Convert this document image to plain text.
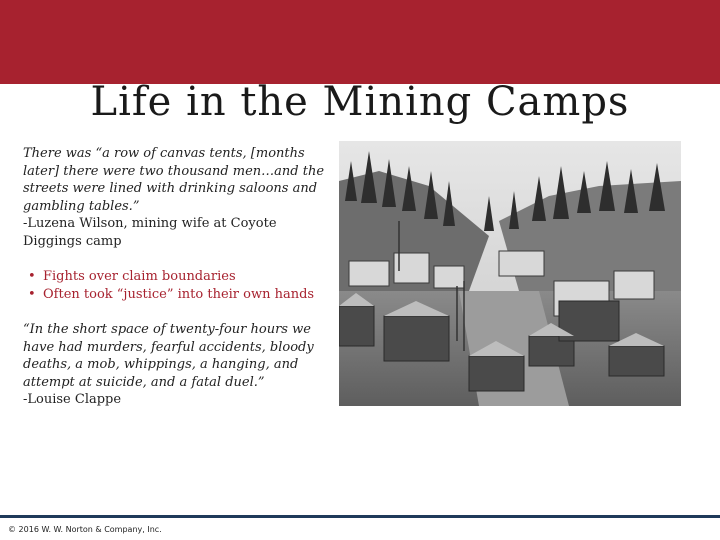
Life in the Mining Camps

There was “a row of canvas tents, [months
later] there were two thousand men…and the
streets were lined with drinking saloons and
gambling tables.”

-Luzena Wilson, mining wife at Coyote
Diggings camp

• Fights over claim boundaries
• Often took “justice” into their own hands

“In the short space of twenty-four hours we
have had murders, fearful accidents, bloody
deaths, a mob, whippings, a hanging, and
attempt at suicide, and a fatal duel.”

-Louise Clappe

© 2016 W. W. Norton & Company, Inc.
